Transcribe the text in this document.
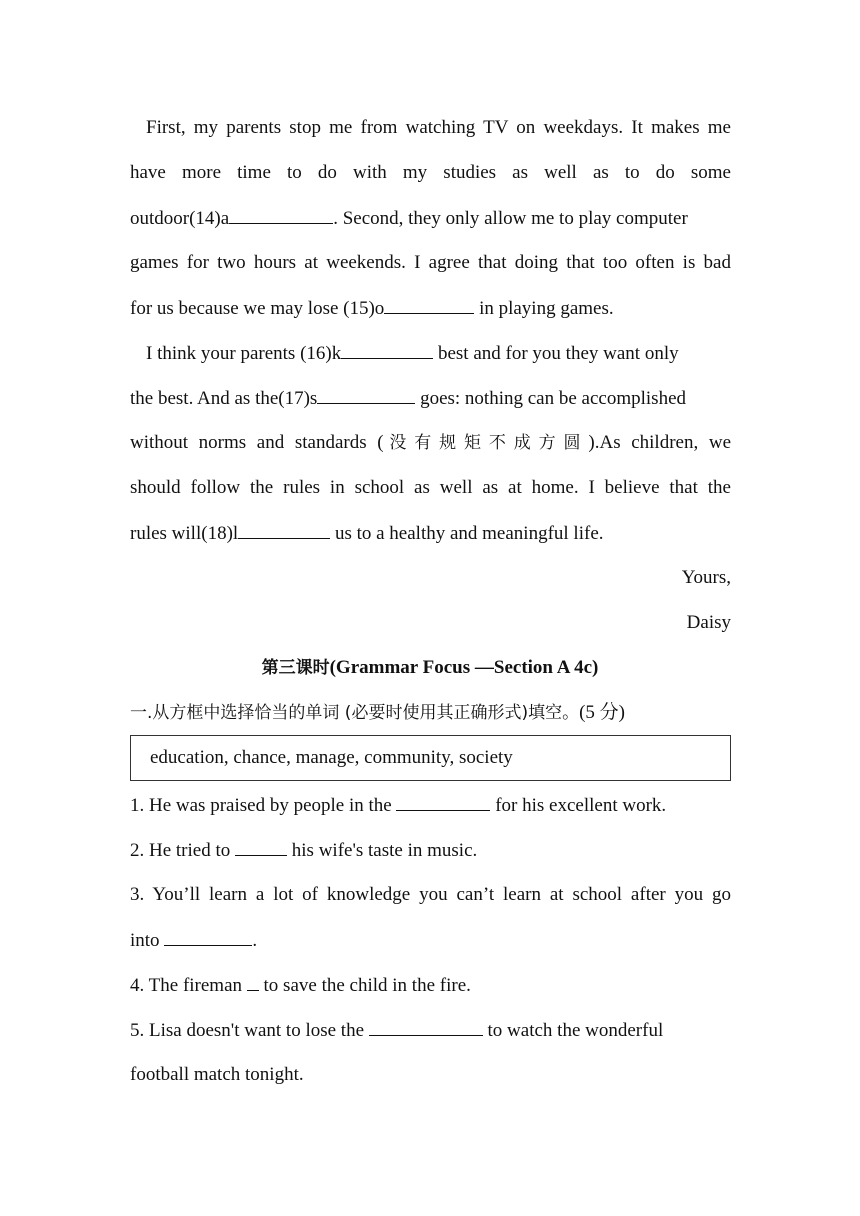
First, my parents stop me from watching TV on weekdays. It makes me
have more time to do with my studies as well as to do some
outdoor(14)a	. Second, they only allow me to play computer
games for two hours at weekends. I agree that doing that too often is bad
for us because we may lose (15)o	in playing games.
I think your parents (16)k	best and for you they want only
the best. And as the(17)s	goes: nothing can be accomplished
without norms and standards (没有规矩不成方圆).As children, we
should follow the rules in school as well as at home. I believe that the
rules will(18)l	us to a healthy and meaningful life.
Yours,
Daisy
第三课时(Grammar Focus —Section A 4c)
一.从方框中选择恰当的单词 (必要时使用其正确形式)填空。(5 分)
education, chance, manage, community, society
1. He was praised by people in the	for his excellent work.
2. He tried to	his wife's taste in music.
3. You’ll learn a lot of knowledge you can’t learn at school after you go
into	.
4. The fireman  to save the child in the fire.
5. Lisa doesn't want to lose the	to watch the wonderful
football match tonight.
